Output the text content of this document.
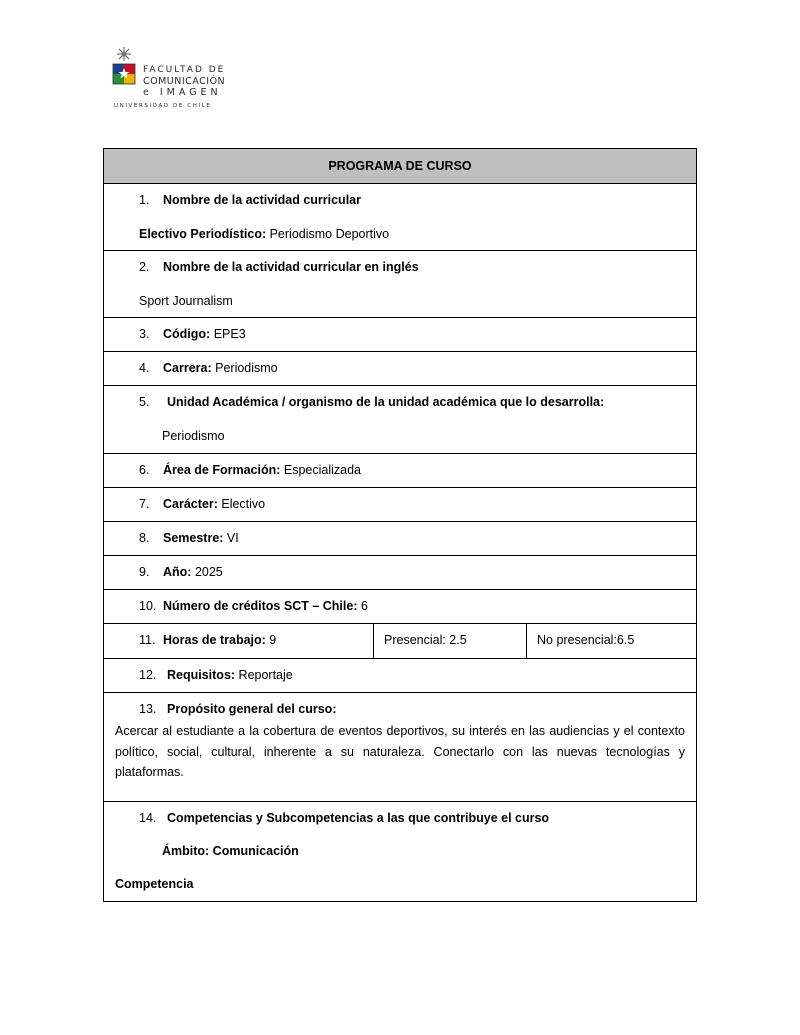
FACULTAD DE
COMUNICACIÓN
e IMAGEN
UNIVERSIDAD DE CHILE
PROGRAMA DE CURSO
1. Nombre de la actividad curricular
Electivo Periodístico: Periodismo Deportivo
2. Nombre de la actividad curricular en inglés
Sport Journalism
3. Código: EPE3
4. Carrera: Periodismo
5. Unidad Académica / organismo de la unidad académica que lo desarrolla:
Periodismo
6. Área de Formación: Especializada
7. Carácter: Electivo
8. Semestre: VI
9. Año: 2025
10. Número de créditos SCT – Chile: 6
11. Horas de trabajo: 9	Presencial: 2.5	No presencial:6.5
12. Requisitos: Reportaje
13. Propósito general del curso:
Acercar al estudiante a la cobertura de eventos deportivos, su interés en las audiencias y el contexto político, social, cultural, inherente a su naturaleza. Conectarlo con las nuevas tecnologías y plataformas.
14. Competencias y Subcompetencias a las que contribuye el curso
Ámbito: Comunicación
Competencia
